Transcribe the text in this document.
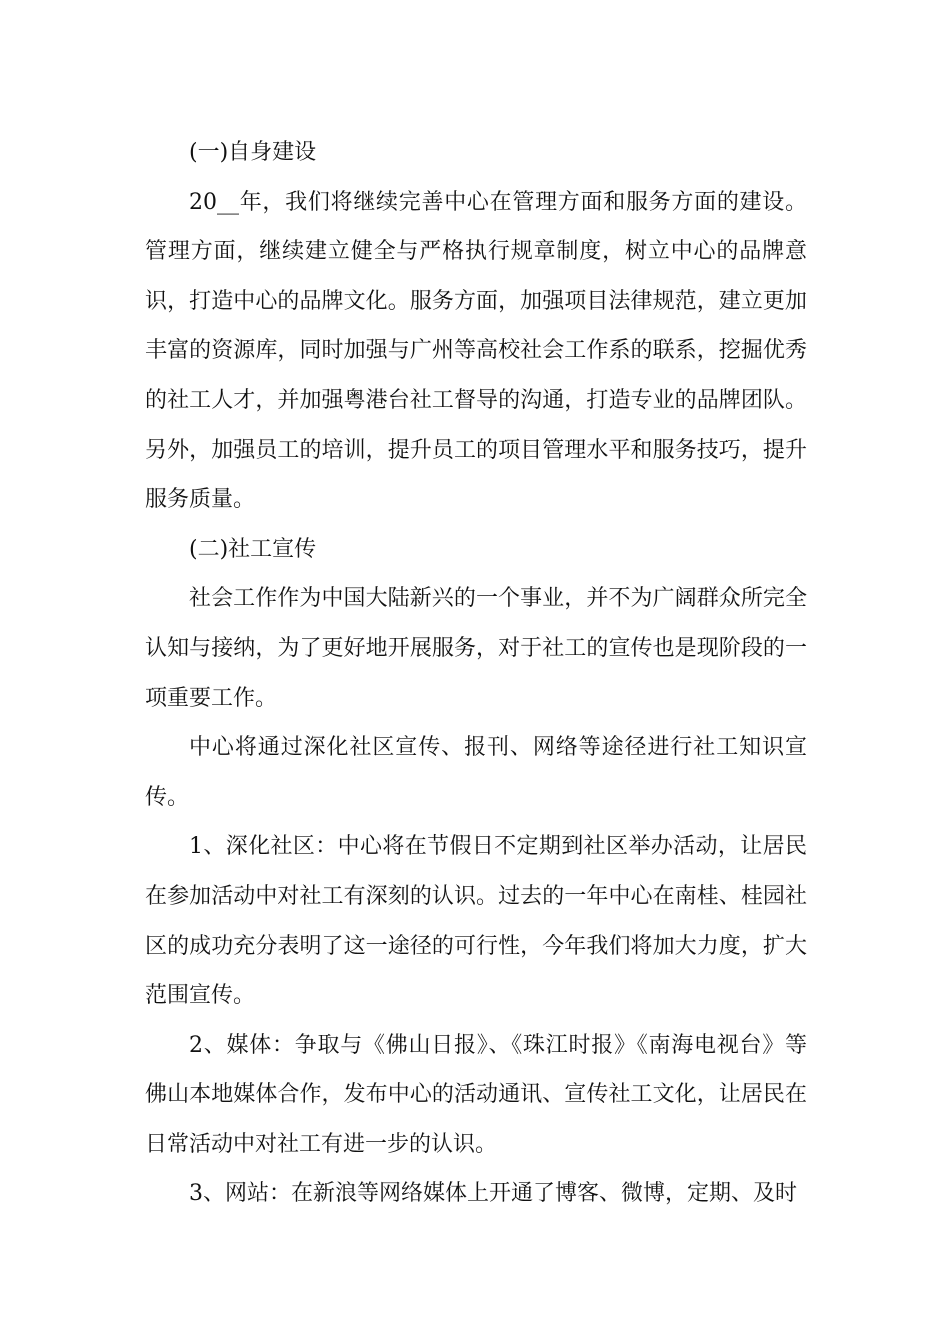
(一)自身建设

20__年，我们将继续完善中心在管理方面和服务方面的建设。管理方面，继续建立健全与严格执行规章制度，树立中心的品牌意识，打造中心的品牌文化。服务方面，加强项目法律规范，建立更加丰富的资源库，同时加强与广州等高校社会工作系的联系，挖掘优秀的社工人才，并加强粤港台社工督导的沟通，打造专业的品牌团队。另外，加强员工的培训，提升员工的项目管理水平和服务技巧，提升服务质量。

(二)社工宣传

社会工作作为中国大陆新兴的一个事业，并不为广阔群众所完全认知与接纳，为了更好地开展服务，对于社工的宣传也是现阶段的一项重要工作。

中心将通过深化社区宣传、报刊、网络等途径进行社工知识宣传。

1、深化社区：中心将在节假日不定期到社区举办活动，让居民在参加活动中对社工有深刻的认识。过去的一年中心在南桂、桂园社区的成功充分表明了这一途径的可行性，今年我们将加大力度，扩大范围宣传。

2、媒体：争取与《佛山日报》、《珠江时报》《南海电视台》等佛山本地媒体合作，发布中心的活动通讯、宣传社工文化，让居民在日常活动中对社工有进一步的认识。

3、网站：在新浪等网络媒体上开通了博客、微博，定期、及时
